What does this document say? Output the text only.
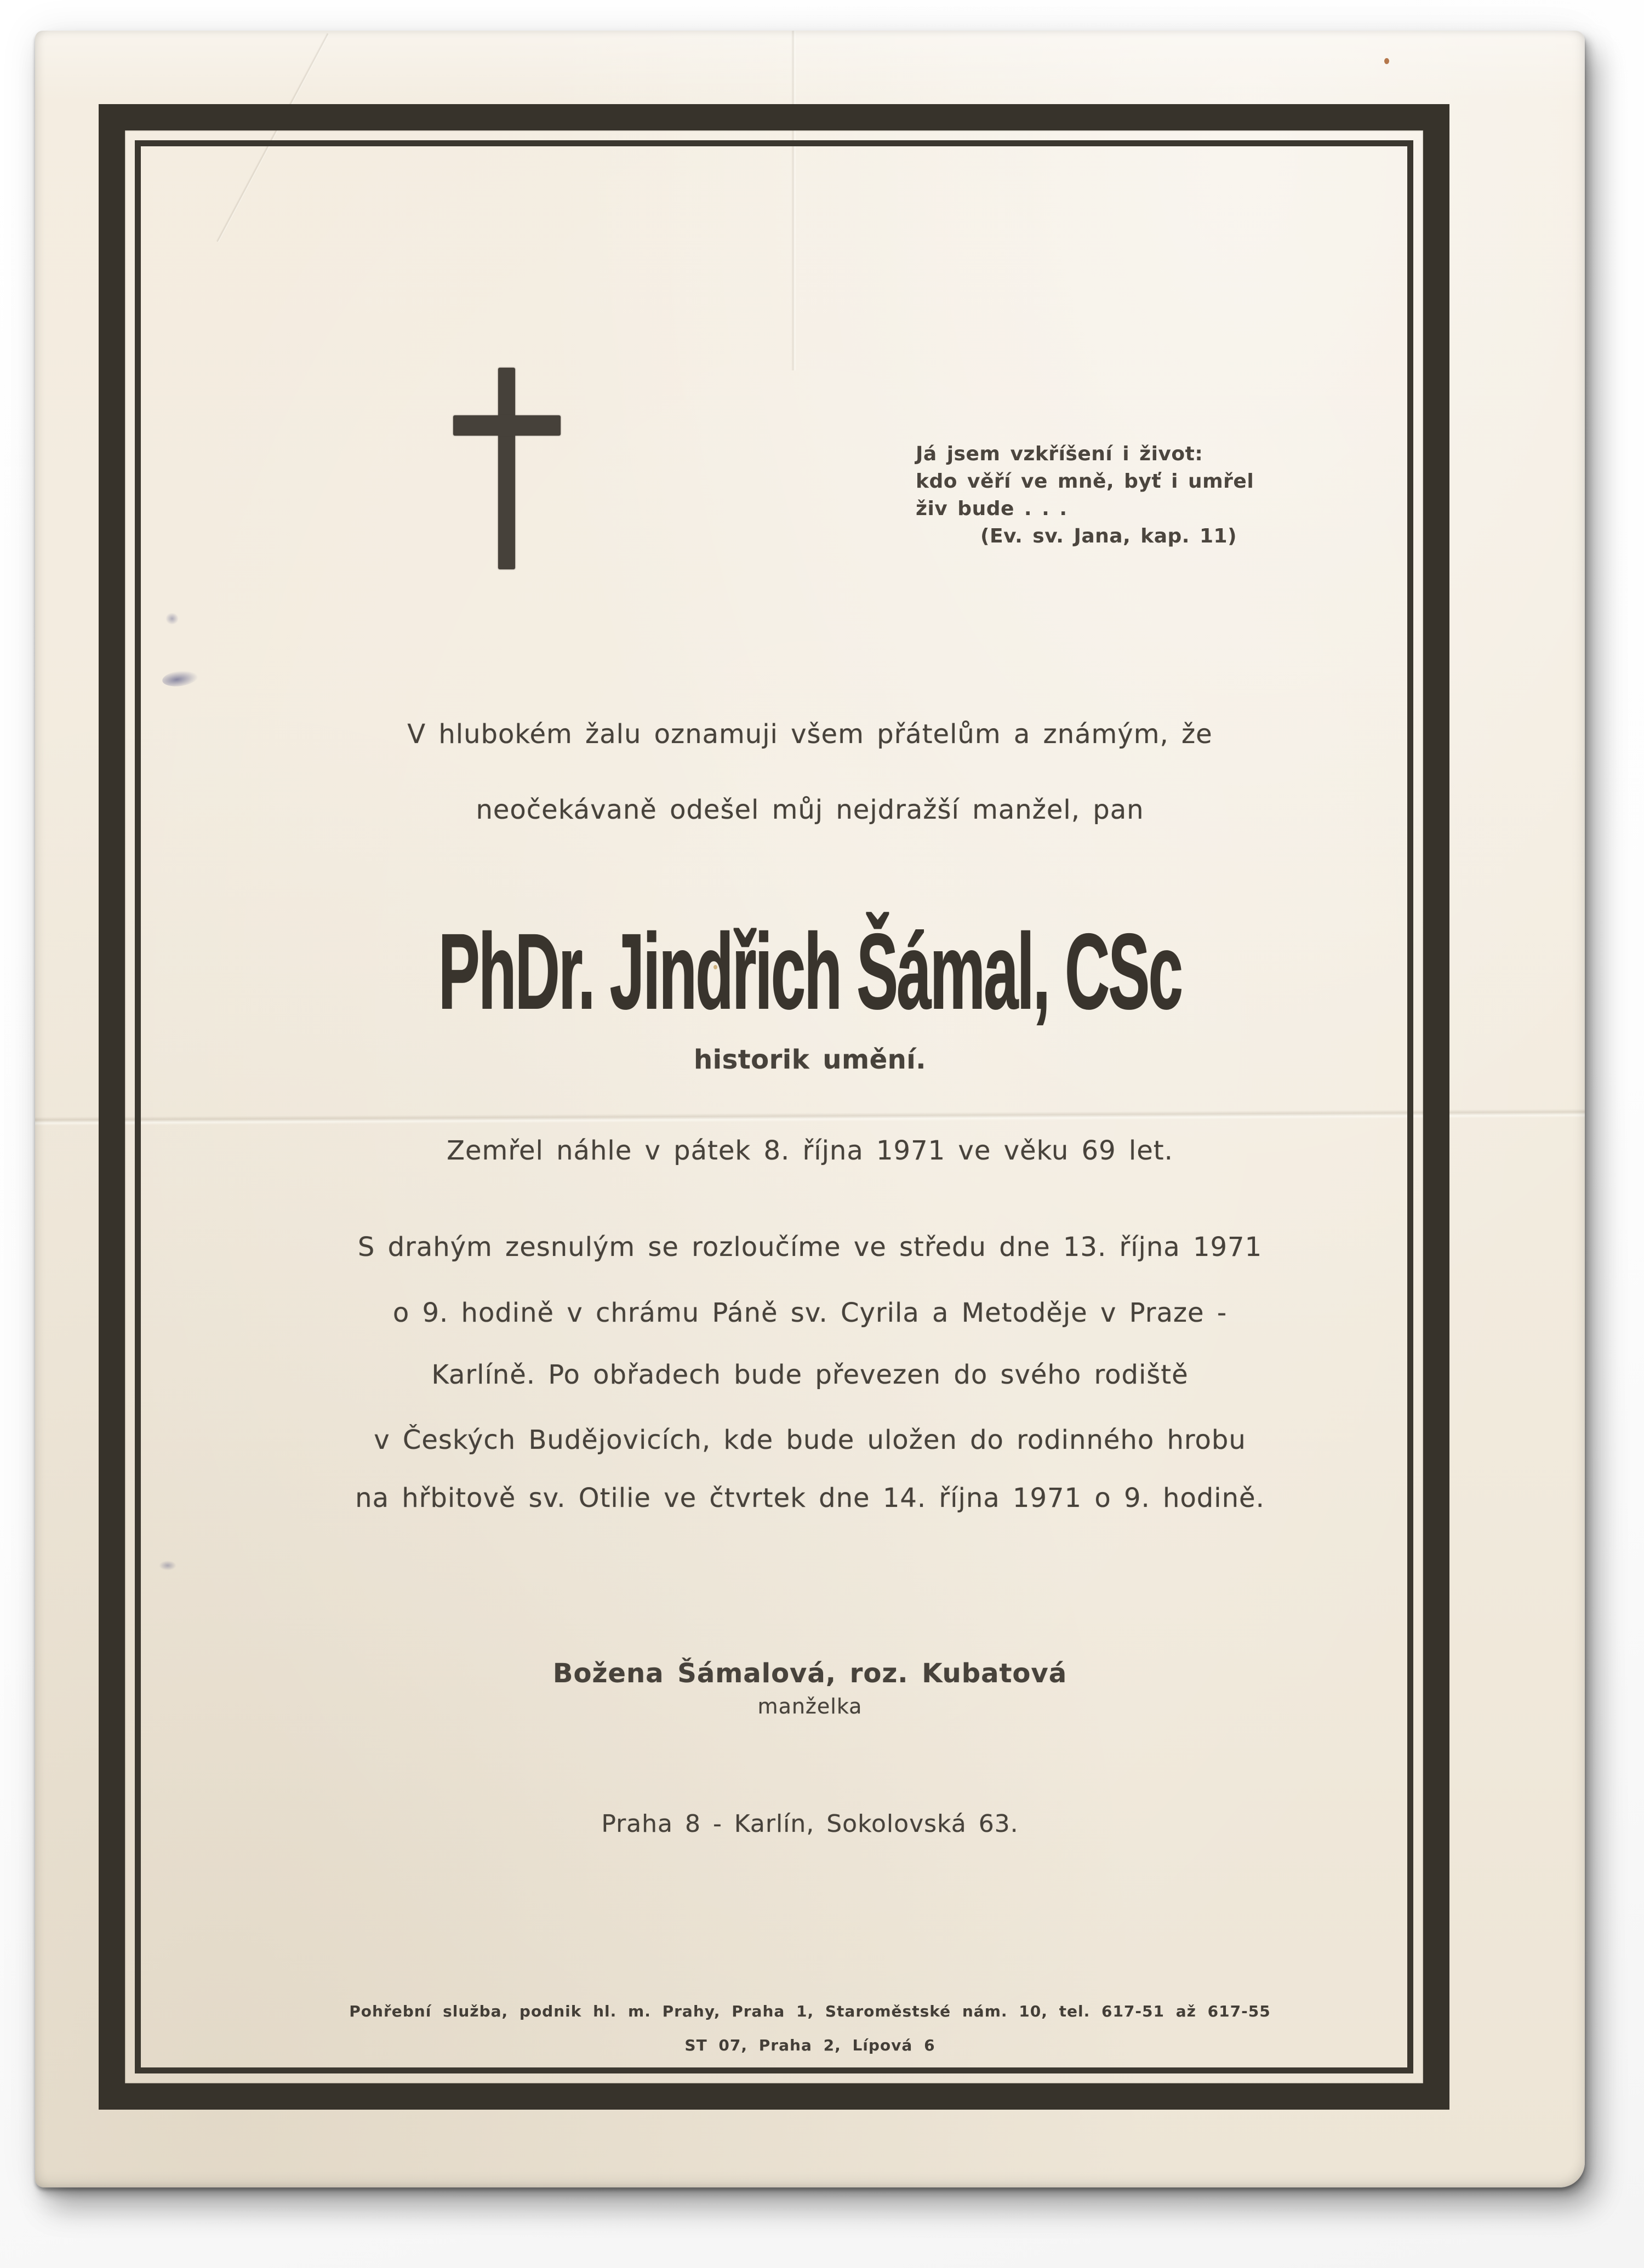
Já jsem vzkříšení i život:
kdo věří ve mně, byť i umřel
živ bude . . .
(Ev. sv. Jana, kap. 11)
V hlubokém žalu oznamuji všem přátelům a známým, že
neočekávaně odešel můj nejdražší manžel, pan
PhDr. Jindřich Šámal, CSc
historik umění.
Zemřel náhle v pátek 8. října 1971 ve věku 69 let.
S drahým zesnulým se rozloučíme ve středu dne 13. října 1971
o 9. hodině v chrámu Páně sv. Cyrila a Metoděje v Praze -
Karlíně. Po obřadech bude převezen do svého rodiště
v Českých Budějovicích, kde bude uložen do rodinného hrobu
na hřbitově sv. Otilie ve čtvrtek dne 14. října 1971 o 9. hodině.
Božena Šámalová, roz. Kubatová
manželka
Praha 8 - Karlín, Sokolovská 63.
Pohřební služba, podnik hl. m. Prahy, Praha 1, Staroměstské nám. 10, tel. 617-51 až 617-55
ST 07, Praha 2, Lípová 6
